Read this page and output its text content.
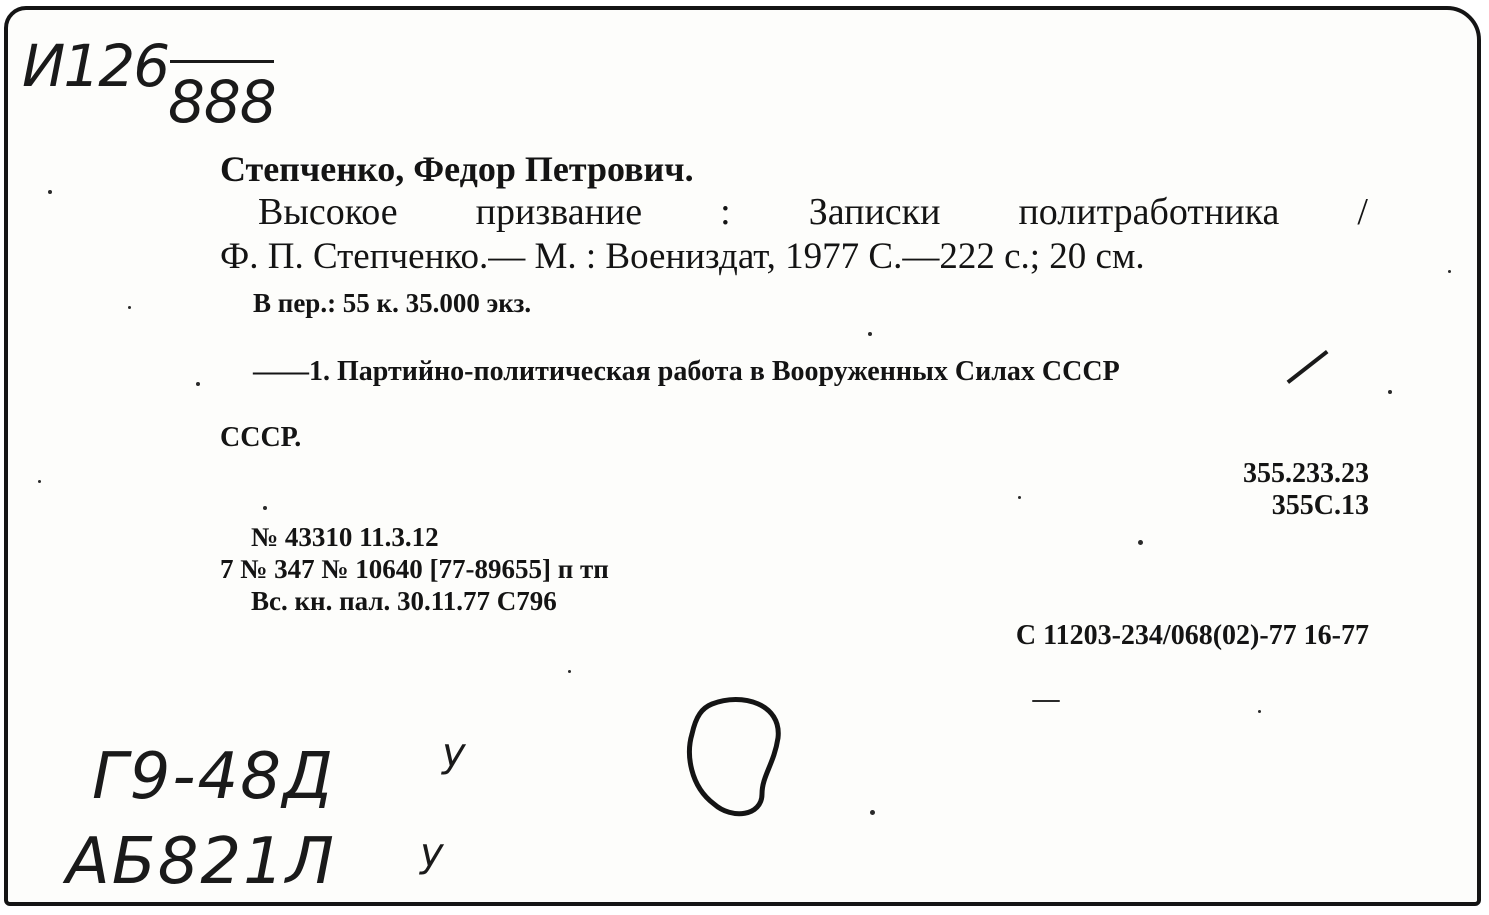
И126
888
Степченко, Федор Петрович.
Высокое призвание : Записки политработника /
Ф. П. Степченко.— М. : Воениздат, 1977 С.—222 с.; 20 см.
В пер.: 55 к. 35.000 экз.
——1. Партийно-политическая работа в Вооруженных Силах СССР
СССР.
355.233.23
355С.13
№ 43310 11.3.12
7 № 347 № 10640 [77-89655] п тп
Вс. кн. пал. 30.11.77 С796
С 11203-234/068(02)-77 16-77
Г9-48Д	у
АБ821Л у
